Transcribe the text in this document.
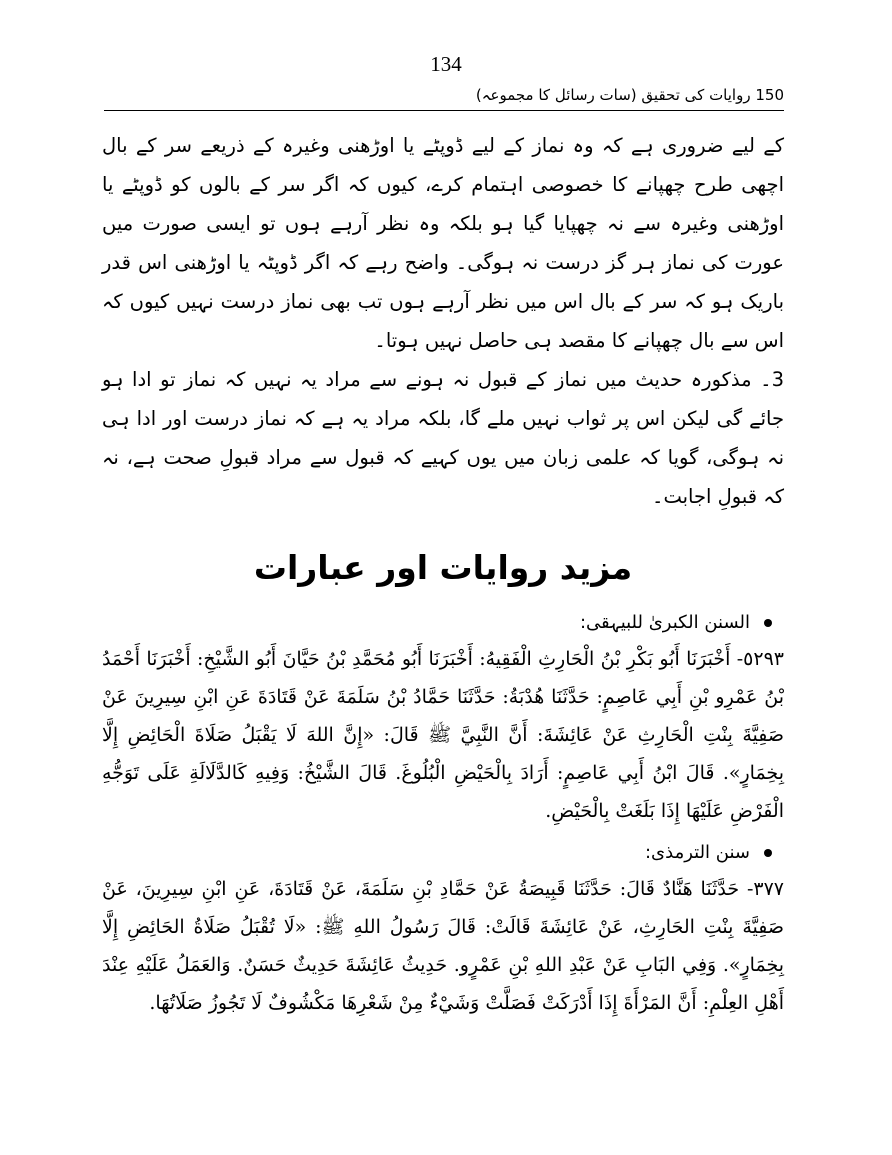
134
150 روایات کی تحقیق (سات رسائل کا مجموعہ)

کے لیے ضروری ہے کہ وہ نماز کے لیے ڈوپٹے یا اوڑھنی وغیرہ کے ذریعے سر کے بال اچھی طرح چھپانے کا خصوصی اہتمام کرے، کیوں کہ اگر سر کے بالوں کو ڈوپٹے یا اوڑھنی وغیرہ سے نہ چھپایا گیا ہو بلکہ وہ نظر آرہے ہوں تو ایسی صورت میں عورت کی نماز ہر گز درست نہ ہوگی۔ واضح رہے کہ اگر ڈوپٹہ یا اوڑھنی اس قدر باریک ہو کہ سر کے بال اس میں نظر آرہے ہوں تب بھی نماز درست نہیں کیوں کہ اس سے بال چھپانے کا مقصد ہی حاصل نہیں ہوتا۔

3۔ مذکورہ حدیث میں نماز کے قبول نہ ہونے سے مراد یہ نہیں کہ نماز تو ادا ہو جائے گی لیکن اس پر ثواب نہیں ملے گا، بلکہ مراد یہ ہے کہ نماز درست اور ادا ہی نہ ہوگی، گویا کہ علمی زبان میں یوں کہیے کہ قبول سے مراد قبولِ صحت ہے، نہ کہ قبولِ اجابت۔

مزید روایات اور عبارات

السنن الکبریٰ للبیہقی:

٥٢٩٣- أَخْبَرَنَا أَبُو بَكْرِ بْنُ الْحَارِثِ الْفَقِيهُ: أَخْبَرَنَا أَبُو مُحَمَّدِ بْنُ حَيَّانَ أَبُو الشَّيْخِ: أَخْبَرَنَا أَحْمَدُ بْنُ عَمْرِو بْنِ أَبِي عَاصِمٍ: حَدَّثَنَا هُدْبَةُ: حَدَّثَنَا حَمَّادُ بْنُ سَلَمَةَ عَنْ قَتَادَةَ عَنِ ابْنِ سِيرِينَ عَنْ صَفِيَّةَ بِنْتِ الْحَارِثِ عَنْ عَائِشَةَ: أَنَّ النَّبِيَّ ﷺ قَالَ: «إِنَّ اللهَ لَا يَقْبَلُ صَلَاةَ الْحَائِضِ إِلَّا بِخِمَارٍ». قَالَ ابْنُ أَبِي عَاصِمٍ: أَرَادَ بِالْحَيْضِ الْبُلُوغَ. قَالَ الشَّيْخُ: وَفِيهِ كَالدَّلَالَةِ عَلَى تَوَجُّهِ الْفَرْضِ عَلَيْهَا إِذَا بَلَغَتْ بِالْحَيْضِ.

سنن الترمذی:

٣٧٧- حَدَّثَنَا هَنَّادٌ قَالَ: حَدَّثَنَا قَبِيصَةُ عَنْ حَمَّادِ بْنِ سَلَمَةَ، عَنْ قَتَادَةَ، عَنِ ابْنِ سِيرِينَ، عَنْ صَفِيَّةَ بِنْتِ الحَارِثِ، عَنْ عَائِشَةَ قَالَتْ: قَالَ رَسُولُ اللهِ ﷺ: «لَا تُقْبَلُ صَلَاةُ الحَائِضِ إِلَّا بِخِمَارٍ». وَفِي البَابِ عَنْ عَبْدِ اللهِ بْنِ عَمْرٍو. حَدِيثُ عَائِشَةَ حَدِيثٌ حَسَنٌ. وَالعَمَلُ عَلَيْهِ عِنْدَ أَهْلِ العِلْمِ: أَنَّ المَرْأَةَ إِذَا أَدْرَكَتْ فَصَلَّتْ وَشَيْءٌ مِنْ شَعْرِهَا مَكْشُوفٌ لَا تَجُوزُ صَلَاتُهَا.
